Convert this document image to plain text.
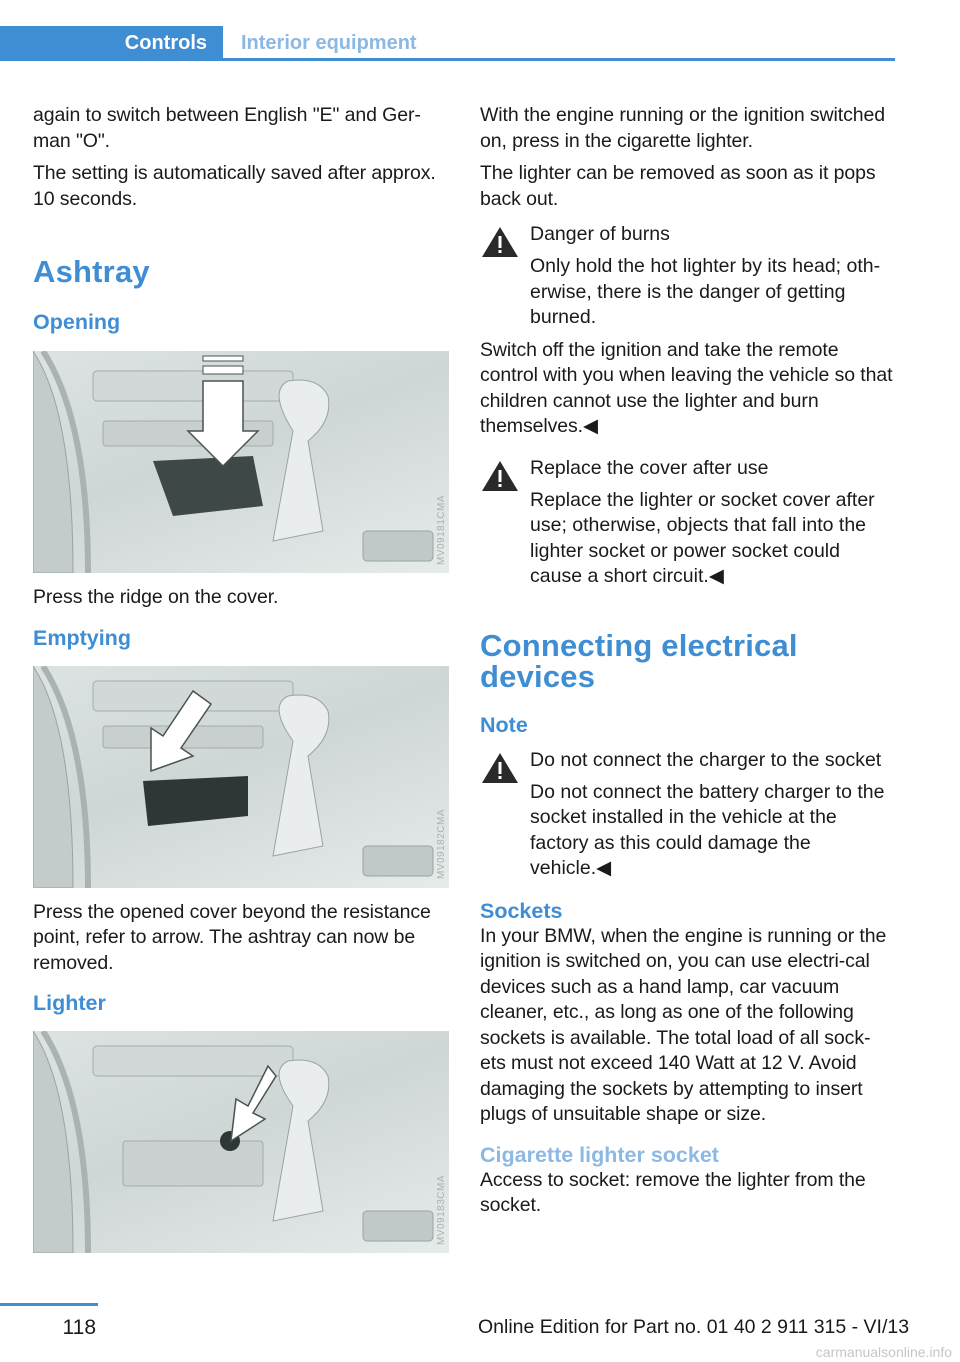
Controls	Interior equipment

again to switch between English "E" and Ger-man "O".

The setting is automatically saved after approx. 10 seconds.

Ashtray
Opening
MV09181CMA

Press the ridge on the cover.

Emptying
MV09182CMA

Press the opened cover beyond the resistance point, refer to arrow. The ashtray can now be removed.

Lighter
MV09183CMA

With the engine running or the ignition switched on, press in the cigarette lighter.

The lighter can be removed as soon as it pops back out.

Danger of burns
Only hold the hot lighter by its head; oth-erwise, there is the danger of getting burned.

Switch off the ignition and take the remote control with you when leaving the vehicle so that children cannot use the lighter and burn themselves.◀

Replace the cover after use
Replace the lighter or socket cover after use; otherwise, objects that fall into the lighter socket or power socket could cause a short circuit.◀
Connecting electrical devices
Note
Do not connect the charger to the socket
Do not connect the battery charger to the socket installed in the vehicle at the factory as this could damage the vehicle.◀
Sockets

In your BMW, when the engine is running or the ignition is switched on, you can use electri-cal devices such as a hand lamp, car vacuum cleaner, etc., as long as one of the following sockets is available. The total load of all sock-ets must not exceed 140 Watt at 12 V. Avoid damaging the sockets by attempting to insert plugs of unsuitable shape or size.

Cigarette lighter socket

Access to socket: remove the lighter from the socket.

118	Online Edition for Part no. 01 40 2 911 315 - VI/13
carmanualsonline.info
